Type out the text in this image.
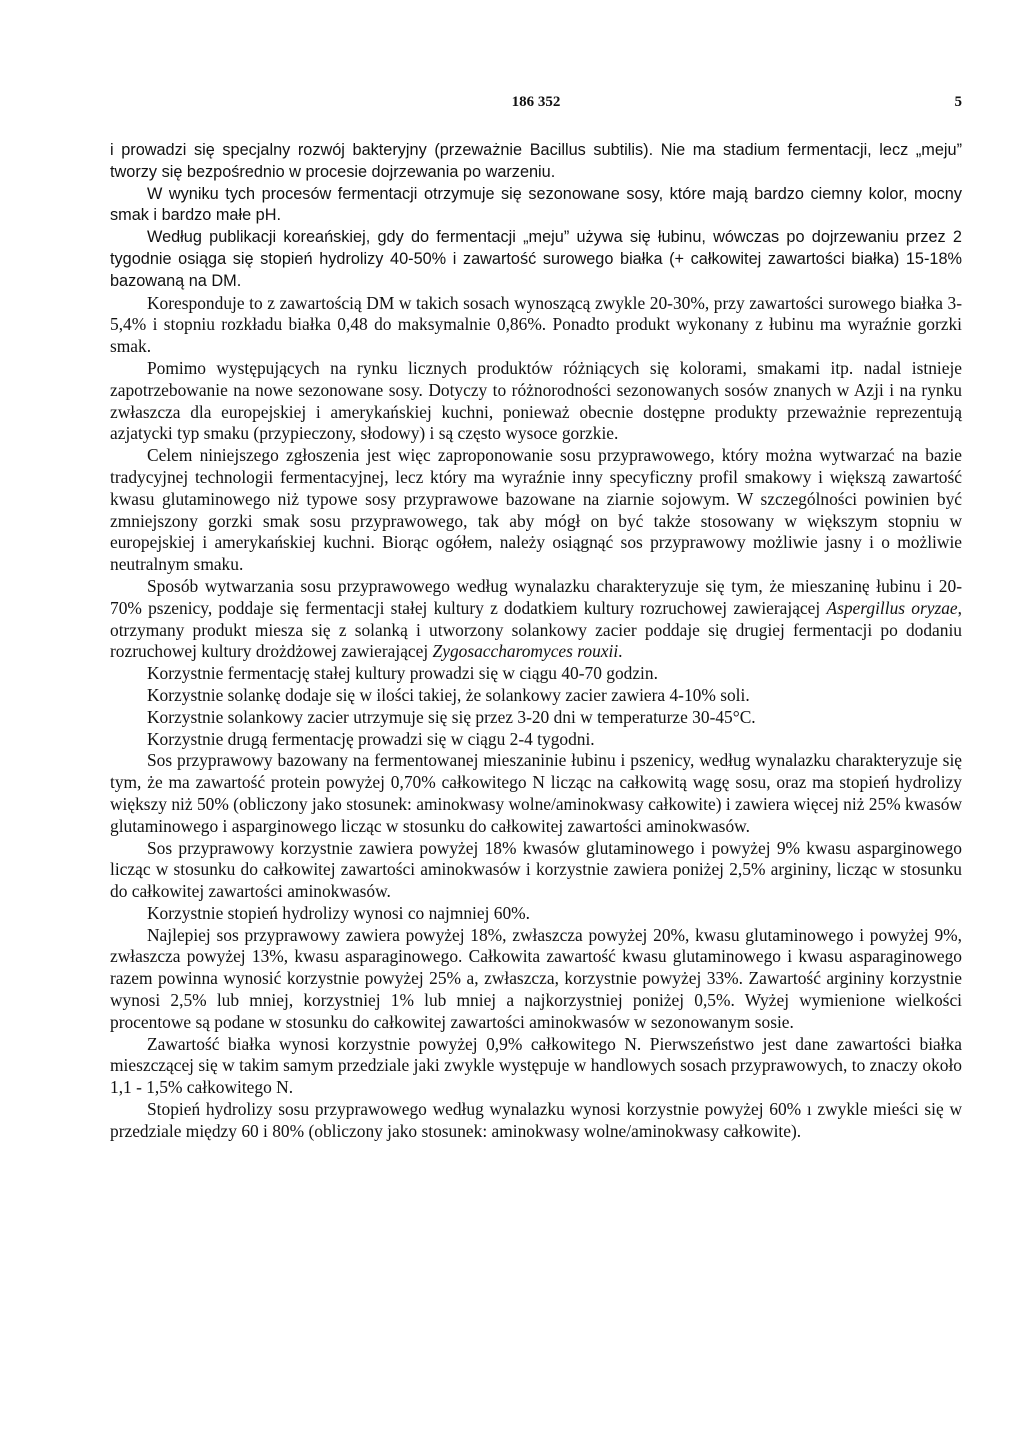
186 352	5

i prowadzi się specjalny rozwój bakteryjny (przeważnie Bacillus subtilis). Nie ma stadium fermentacji, lecz „meju” tworzy się bezpośrednio w procesie dojrzewania po warzeniu.

W wyniku tych procesów fermentacji otrzymuje się sezonowane sosy, które mają bardzo ciemny kolor, mocny smak i bardzo małe pH.

Według publikacji koreańskiej, gdy do fermentacji „meju” używa się łubinu, wówczas po dojrzewaniu przez 2 tygodnie osiąga się stopień hydrolizy 40-50% i zawartość surowego białka (+ całkowitej zawartości białka) 15-18% bazowaną na DM.

Koresponduje to z zawartością DM w takich sosach wynoszącą zwykle 20-30%, przy zawartości surowego białka 3-5,4% i stopniu rozkładu białka 0,48 do maksymalnie 0,86%. Ponadto produkt wykonany z łubinu ma wyraźnie gorzki smak.

Pomimo występujących na rynku licznych produktów różniących się kolorami, smakami itp. nadal istnieje zapotrzebowanie na nowe sezonowane sosy. Dotyczy to różnorodności sezonowanych sosów znanych w Azji i na rynku zwłaszcza dla europejskiej i amerykańskiej kuchni, ponieważ obecnie dostępne produkty przeważnie reprezentują azjatycki typ smaku (przypieczony, słodowy) i są często wysoce gorzkie.

Celem niniejszego zgłoszenia jest więc zaproponowanie sosu przyprawowego, który można wytwarzać na bazie tradycyjnej technologii fermentacyjnej, lecz który ma wyraźnie inny specyficzny profil smakowy i większą zawartość kwasu glutaminowego niż typowe sosy przyprawowe bazowane na ziarnie sojowym. W szczególności powinien być zmniejszony gorzki smak sosu przyprawowego, tak aby mógł on być także stosowany w większym stopniu w europejskiej i amerykańskiej kuchni. Biorąc ogółem, należy osiągnąć sos przyprawowy możliwie jasny i o możliwie neutralnym smaku.

Sposób wytwarzania sosu przyprawowego według wynalazku charakteryzuje się tym, że mieszaninę łubinu i 20-70% pszenicy, poddaje się fermentacji stałej kultury z dodatkiem kultury rozruchowej zawierającej Aspergillus oryzae, otrzymany produkt miesza się z solanką i utworzony solankowy zacier poddaje się drugiej fermentacji po dodaniu rozruchowej kultury drożdżowej zawierającej Zygosaccharomyces rouxii.

Korzystnie fermentację stałej kultury prowadzi się w ciągu 40-70 godzin.

Korzystnie solankę dodaje się w ilości takiej, że solankowy zacier zawiera 4-10% soli.

Korzystnie solankowy zacier utrzymuje się się przez 3-20 dni w temperaturze 30-45°C.

Korzystnie drugą fermentację prowadzi się w ciągu 2-4 tygodni.

Sos przyprawowy bazowany na fermentowanej mieszaninie łubinu i pszenicy, według wynalazku charakteryzuje się tym, że ma zawartość protein powyżej 0,70% całkowitego N licząc na całkowitą wagę sosu, oraz ma stopień hydrolizy większy niż 50% (obliczony jako stosunek: aminokwasy wolne/aminokwasy całkowite) i zawiera więcej niż 25% kwasów glutaminowego i asparginowego licząc w stosunku do całkowitej zawartości aminokwasów.

Sos przyprawowy korzystnie zawiera powyżej 18% kwasów glutaminowego i powyżej 9% kwasu asparginowego licząc w stosunku do całkowitej zawartości aminokwasów i korzystnie zawiera poniżej 2,5% argininy, licząc w stosunku do całkowitej zawartości aminokwasów.

Korzystnie stopień hydrolizy wynosi co najmniej 60%.

Najlepiej sos przyprawowy zawiera powyżej 18%, zwłaszcza powyżej 20%, kwasu glutaminowego i powyżej 9%, zwłaszcza powyżej 13%, kwasu asparaginowego. Całkowita zawartość kwasu glutaminowego i kwasu asparaginowego razem powinna wynosić korzystnie powyżej 25% a, zwłaszcza, korzystnie powyżej 33%. Zawartość argininy korzystnie wynosi 2,5% lub mniej, korzystniej 1% lub mniej a najkorzystniej poniżej 0,5%. Wyżej wymienione wielkości procentowe są podane w stosunku do całkowitej zawartości aminokwasów w sezonowanym sosie.

Zawartość białka wynosi korzystnie powyżej 0,9% całkowitego N. Pierwszeństwo jest dane zawartości białka mieszczącej się w takim samym przedziale jaki zwykle występuje w handlowych sosach przyprawowych, to znaczy około 1,1 - 1,5% całkowitego N.

Stopień hydrolizy sosu przyprawowego według wynalazku wynosi korzystnie powyżej 60% ı zwykle mieści się w przedziale między 60 i 80% (obliczony jako stosunek: aminokwasy wolne/aminokwasy całkowite).
